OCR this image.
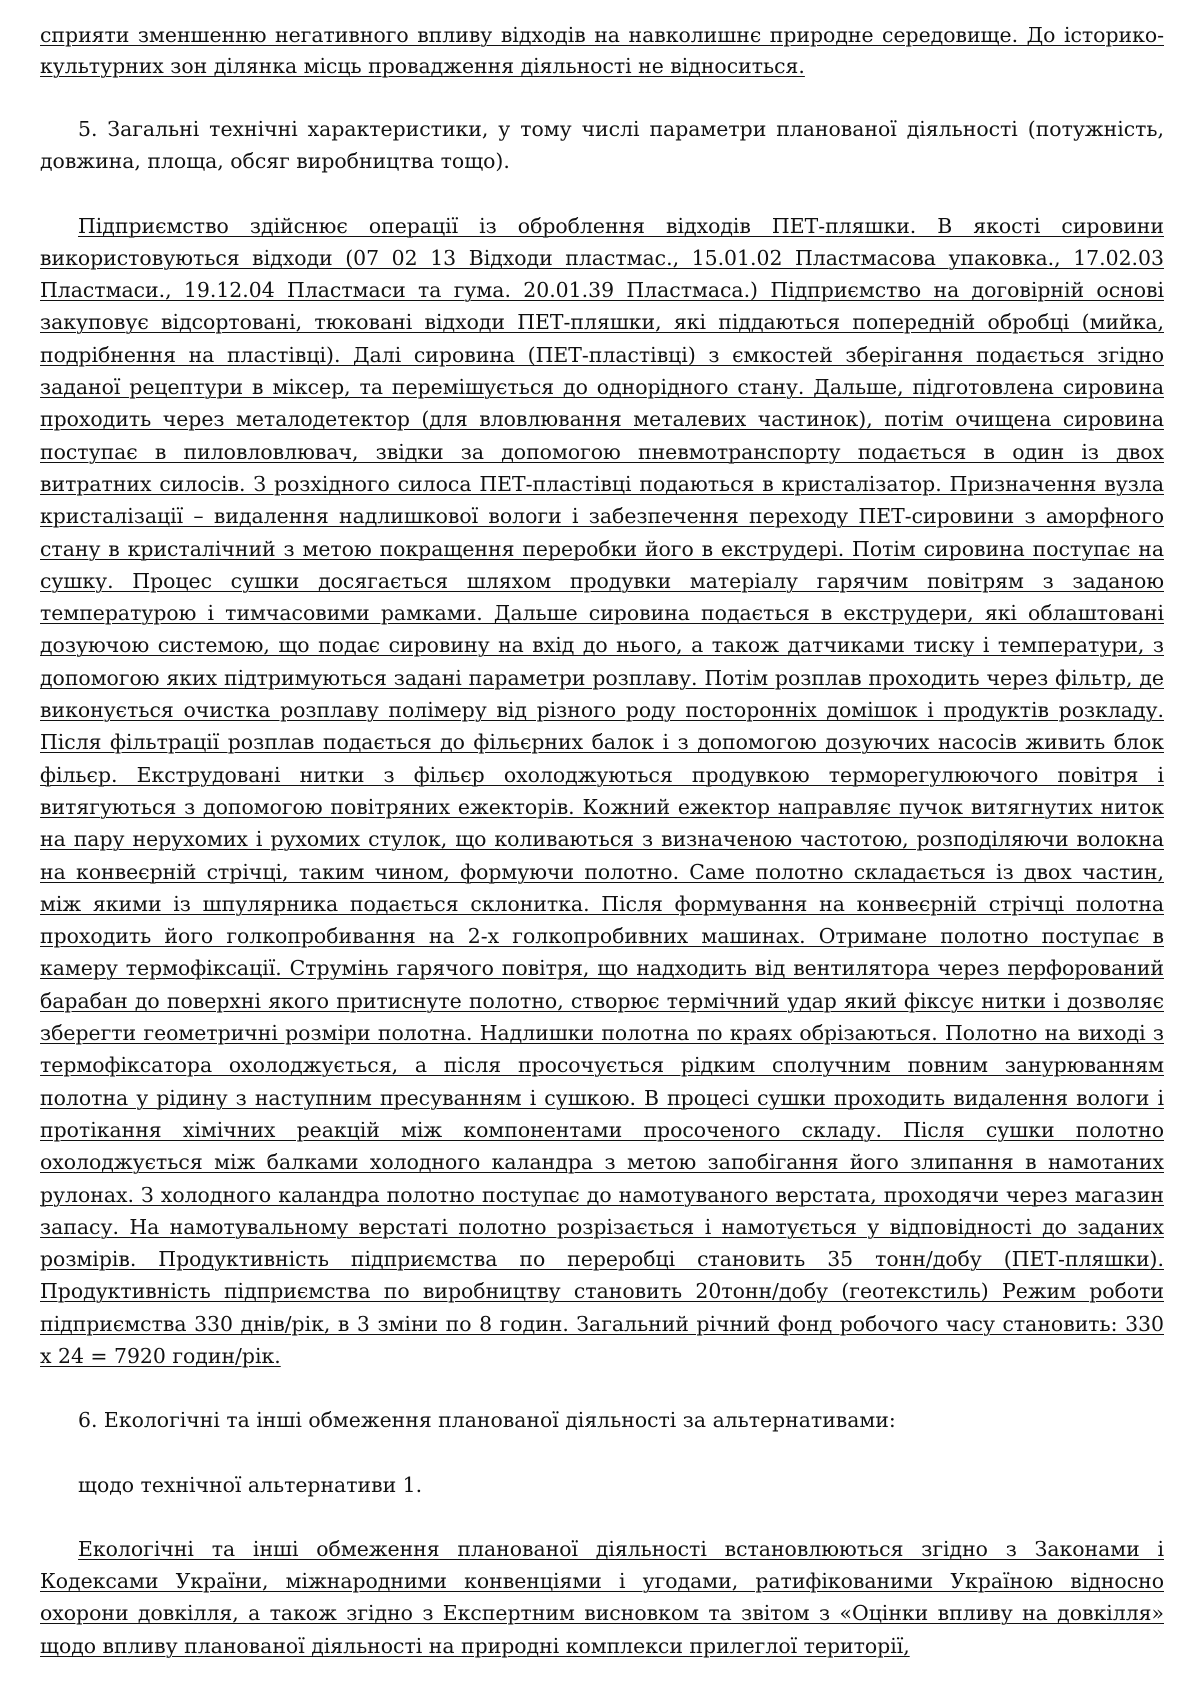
сприяти зменшенню негативного впливу відходів на навколишнє природне середовище. До історико-культурних зон ділянка місць провадження діяльності не відноситься.

5. Загальні технічні характеристики, у тому числі параметри планованої діяльності (потужність, довжина, площа, обсяг виробництва тощо).

Підприємство здійснює операції із оброблення відходів ПЕТ-пляшки. В якості сировини використовуються відходи (07 02 13 Відходи пластмас., 15.01.02 Пластмасова упаковка., 17.02.03 Пластмаси., 19.12.04 Пластмаси та гума. 20.01.39 Пластмаса.) Підприємство на договірній основі закуповує відсортовані, тюковані відходи ПЕТ-пляшки, які піддаються попередній обробці (мийка, подрібнення на пластівці). Далі сировина (ПЕТ-пластівці) з ємкостей зберігання подається згідно заданої рецептури в міксер, та перемішується до однорідного стану. Дальше, підготовлена сировина проходить через металодетектор (для вловлювання металевих частинок), потім очищена сировина поступає в пиловловлювач, звідки за допомогою пневмотранспорту подається в один із двох витратних силосів. З розхідного силоса ПЕТ-пластівці подаються в кристалізатор. Призначення вузла кристалізації – видалення надлишкової вологи і забезпечення переходу ПЕТ-сировини з аморфного стану в кристалічний з метою покращення переробки його в екструдері. Потім сировина поступає на сушку. Процес сушки досягається шляхом продувки матеріалу гарячим повітрям з заданою температурою і тимчасовими рамками. Дальше сировина подається в екструдери, які облаштовані дозуючою системою, що подає сировину на вхід до нього, а також датчиками тиску і температури, з допомогою яких підтримуються задані параметри розплаву. Потім розплав проходить через фільтр, де виконується очистка розплаву полімеру від різного роду посторонніх домішок і продуктів розкладу. Після фільтрації розплав подається до фільєрних балок і з допомогою дозуючих насосів живить блок фільєр. Екструдовані нитки з фільєр охолоджуються продувкою терморегулюючого повітря і витягуються з допомогою повітряних ежекторів. Кожний ежектор направляє пучок витягнутих ниток на пару нерухомих і рухомих стулок, що коливаються з визначеною частотою, розподіляючи волокна на конвеєрній стрічці, таким чином, формуючи полотно. Саме полотно складається із двох частин, між якими із шпулярника подається склонитка. Після формування на конвеєрній стрічці полотна проходить його голкопробивання на 2-х голкопробивних машинах. Отримане полотно поступає в камеру термофіксації. Струмінь гарячого повітря, що надходить від вентилятора через перфорований барабан до поверхні якого притиснуте полотно, створює термічний удар який фіксує нитки і дозволяє зберегти геометричні розміри полотна. Надлишки полотна по краях обрізаються. Полотно на виході з термофіксатора охолоджується, а після просочується рідким сполучним повним занурюванням полотна у рідину з наступним пресуванням і сушкою. В процесі сушки проходить видалення вологи і протікання хімічних реакцій між компонентами просоченого складу. Після сушки полотно охолоджується між балками холодного каландра з метою запобігання його злипання в намотаних рулонах. З холодного каландра полотно поступає до намотуваного верстата, проходячи через магазин запасу. На намотувальному верстаті полотно розрізається і намотується у відповідності до заданих розмірів. Продуктивність підприємства по переробці становить 35 тонн/добу (ПЕТ-пляшки). Продуктивність підприємства по виробництву становить 20тонн/добу (геотекстиль) Режим роботи підприємства 330 днів/рік, в 3 зміни по 8 годин. Загальний річний фонд робочого часу становить: 330 х 24 = 7920 годин/рік.

6. Екологічні та інші обмеження планованої діяльності за альтернативами:

щодо технічної альтернативи 1.

Екологічні та інші обмеження планованої діяльності встановлюються згідно з Законами і Кодексами України, міжнародними конвенціями і угодами, ратифікованими Україною відносно охорони довкілля, а також згідно з Експертним висновком та звітом з «Оцінки впливу на довкілля» щодо впливу планованої діяльності на природні комплекси прилеглої території,
